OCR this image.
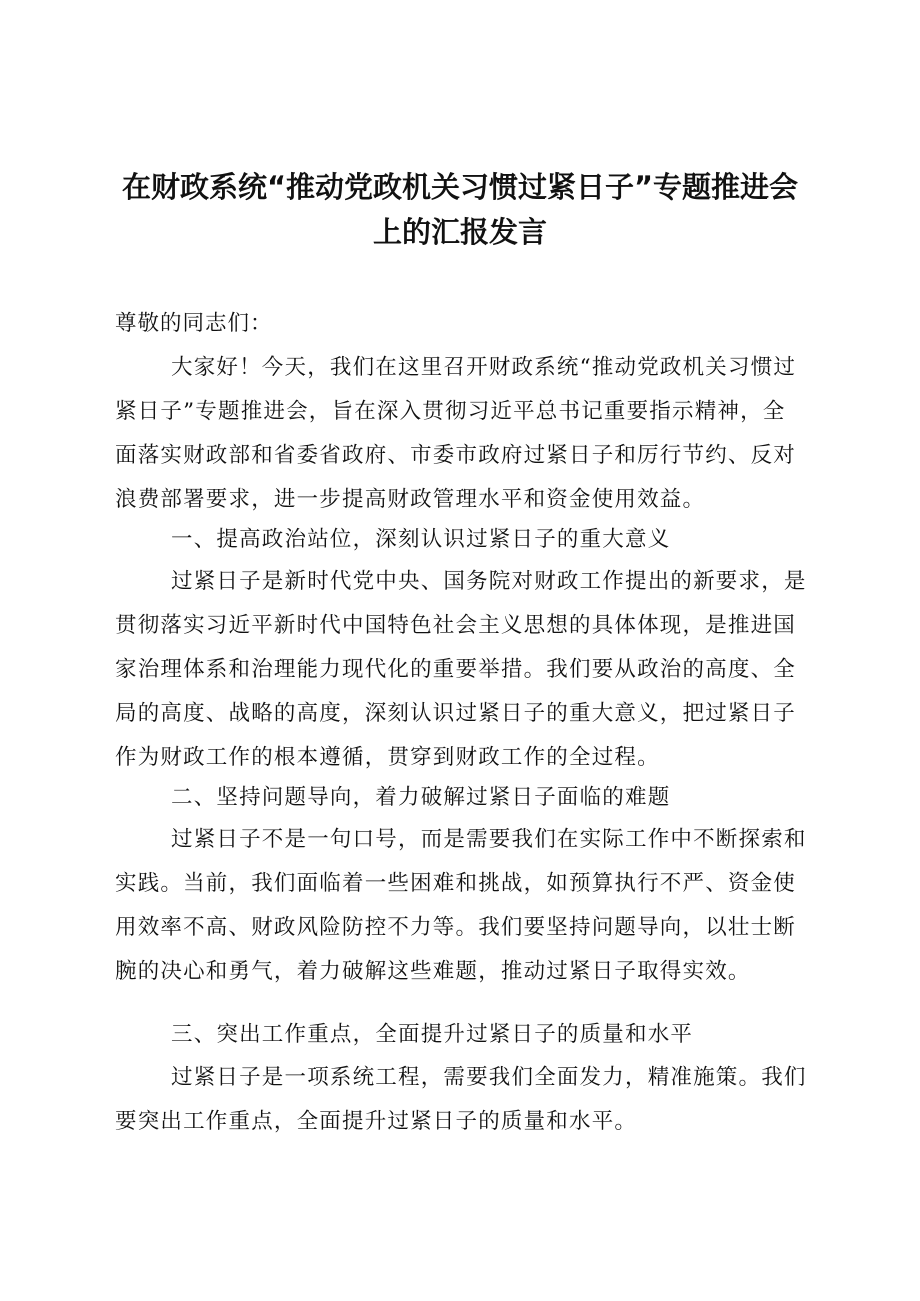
在财政系统“推动党政机关习惯过紧日子”专题推进会
上的汇报发言
尊敬的同志们：
大家好！今天，我们在这里召开财政系统“推动党政机关习惯过
紧日子”专题推进会，旨在深入贯彻习近平总书记重要指示精神，全
面落实财政部和省委省政府、市委市政府过紧日子和厉行节约、反对
浪费部署要求，进一步提高财政管理水平和资金使用效益。
一、提高政治站位，深刻认识过紧日子的重大意义
过紧日子是新时代党中央、国务院对财政工作提出的新要求，是
贯彻落实习近平新时代中国特色社会主义思想的具体体现，是推进国
家治理体系和治理能力现代化的重要举措。我们要从政治的高度、全
局的高度、战略的高度，深刻认识过紧日子的重大意义，把过紧日子
作为财政工作的根本遵循，贯穿到财政工作的全过程。
二、坚持问题导向，着力破解过紧日子面临的难题
过紧日子不是一句口号，而是需要我们在实际工作中不断探索和
实践。当前，我们面临着一些困难和挑战，如预算执行不严、资金使
用效率不高、财政风险防控不力等。我们要坚持问题导向，以壮士断
腕的决心和勇气，着力破解这些难题，推动过紧日子取得实效。
三、突出工作重点，全面提升过紧日子的质量和水平
过紧日子是一项系统工程，需要我们全面发力，精准施策。我们
要突出工作重点，全面提升过紧日子的质量和水平。
